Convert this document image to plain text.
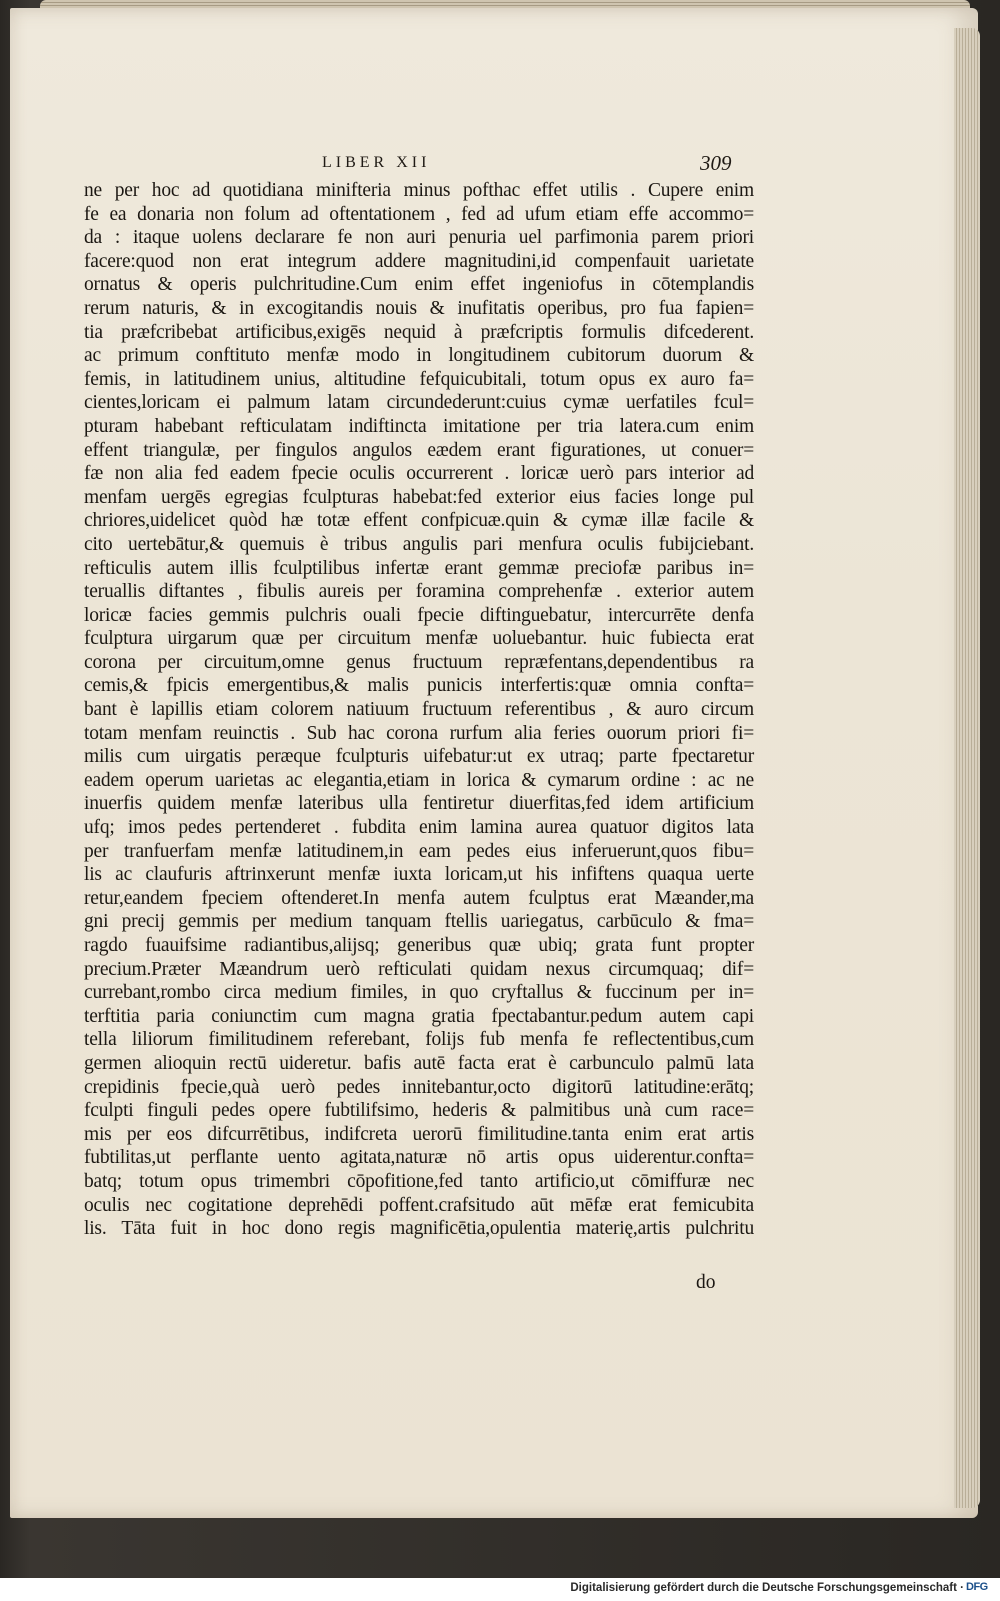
LIBER XII	309
ne per hoc ad quotidiana minifteria minus pofthac effet utilis . Cupere enim
fe ea donaria non folum ad oftentationem , fed ad ufum etiam effe accommo=
da : itaque uolens declarare fe non auri penuria uel parfimonia parem priori
facere:quod non erat integrum addere magnitudini,id compenfauit uarietate
ornatus & operis pulchritudine.Cum enim effet ingeniofus in cōtemplandis
rerum naturis, & in excogitandis nouis & inufitatis operibus, pro fua fapien=
tia præfcribebat artificibus,exigēs nequid à præfcriptis formulis difcederent.
ac primum conftituto menfæ modo in longitudinem cubitorum duorum &
femis, in latitudinem unius, altitudine fefquicubitali, totum opus ex auro fa=
cientes,loricam ei palmum latam circundederunt:cuius cymæ uerfatiles fcul=
pturam habebant refticulatam indiftincta imitatione per tria latera.cum enim
effent triangulæ, per fingulos angulos eædem erant figurationes, ut conuer=
fæ non alia fed eadem fpecie oculis occurrerent . loricæ uerò pars interior ad
menfam uergēs egregias fculpturas habebat:fed exterior eius facies longe pul
chriores,uidelicet quòd hæ totæ effent confpicuæ.quin & cymæ illæ facile &
cito uertebātur,& quemuis è tribus angulis pari menfura oculis fubijciebant.
refticulis autem illis fculptilibus infertæ erant gemmæ preciofæ paribus in=
teruallis diftantes , fibulis aureis per foramina comprehenfæ . exterior autem
loricæ facies gemmis pulchris ouali fpecie diftinguebatur, intercurrēte denfa
fculptura uirgarum quæ per circuitum menfæ uoluebantur. huic fubiecta erat
corona per circuitum,omne genus fructuum repræfentans,dependentibus ra
cemis,& fpicis emergentibus,& malis punicis interfertis:quæ omnia confta=
bant è lapillis etiam colorem natiuum fructuum referentibus , & auro circum
totam menfam reuinctis . Sub hac corona rurfum alia feries ouorum priori fi=
milis cum uirgatis peræque fculpturis uifebatur:ut ex utraq; parte fpectaretur
eadem operum uarietas ac elegantia,etiam in lorica & cymarum ordine : ac ne
inuerfis quidem menfæ lateribus ulla fentiretur diuerfitas,fed idem artificium
ufq; imos pedes pertenderet . fubdita enim lamina aurea quatuor digitos lata
per tranfuerfam menfæ latitudinem,in eam pedes eius inferuerunt,quos fibu=
lis ac claufuris aftrinxerunt menfæ iuxta loricam,ut his infiftens quaqua uerte
retur,eandem fpeciem oftenderet.In menfa autem fculptus erat Mæander,ma
gni precij gemmis per medium tanquam ftellis uariegatus, carbūculo & fma=
ragdo fuauifsime radiantibus,alijsq; generibus quæ ubiq; grata funt propter
precium.Præter Mæandrum uerò refticulati quidam nexus circumquaq; dif=
currebant,rombo circa medium fimiles, in quo cryftallus & fuccinum per in=
terftitia paria coniunctim cum magna gratia fpectabantur.pedum autem capi
tella liliorum fimilitudinem referebant, folijs fub menfa fe reflectentibus,cum
germen alioquin rectū uideretur. bafis autē facta erat è carbunculo palmū lata
crepidinis fpecie,quà uerò pedes innitebantur,octo digitorū latitudine:erātq;
fculpti finguli pedes opere fubtilifsimo, hederis & palmitibus unà cum race=
mis per eos difcurrētibus, indifcreta uerorū fimilitudine.tanta enim erat artis
fubtilitas,ut perflante uento agitata,naturæ nō artis opus uiderentur.confta=
batq; totum opus trimembri cōpofitione,fed tanto artificio,ut cōmiffuræ nec
oculis nec cogitatione deprehēdi poffent.crafsitudo aūt mēfæ erat femicubita
lis. Tāta fuit in hoc dono regis magnificētia,opulentia materię,artis pulchritu
do
Digitalisierung gefördert durch die Deutsche Forschungsgemeinschaft · DFG
